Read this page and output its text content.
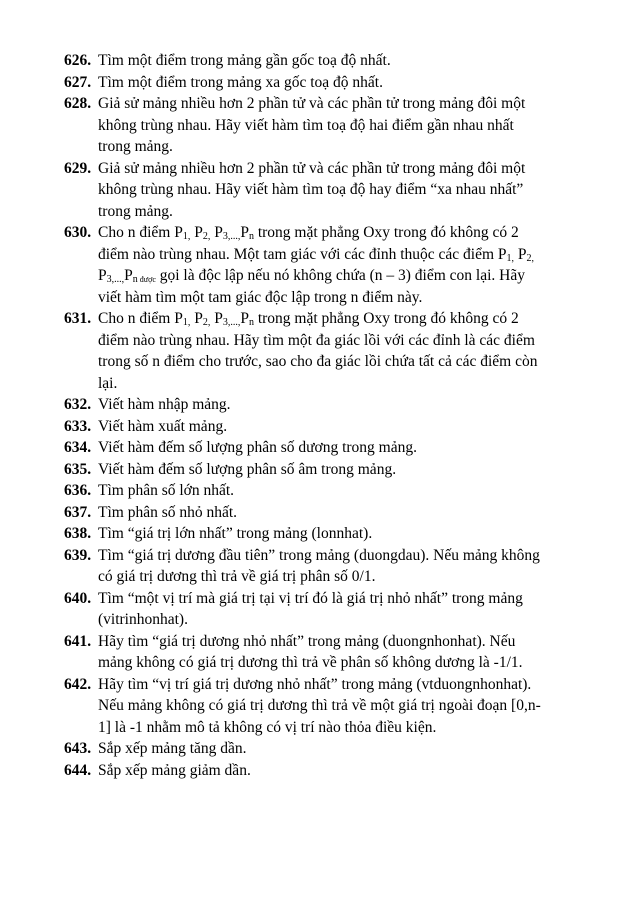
626. Tìm một điểm trong mảng gần gốc toạ độ nhất.
627. Tìm một điểm trong mảng xa gốc toạ độ nhất.
628. Giả sử mảng nhiều hơn 2 phần tử và các phần tử trong mảng đôi một
không trùng nhau. Hãy viết hàm tìm toạ độ hai điểm gần nhau nhất
trong mảng.
629. Giả sử mảng nhiều hơn 2 phần tử và các phần tử trong mảng đôi một
không trùng nhau. Hãy viết hàm tìm toạ độ hay điểm “xa nhau nhất”
trong mảng.
630. Cho n điểm $P_{1,}$ $P_{2,}$ $P_{3,...,}P_n$ trong mặt phẳng Oxy trong đó không có 2
điểm nào trùng nhau. Một tam giác với các đỉnh thuộc các điểm $P_{1,}$ $P_{2,}$
$P_{3,...,}P_n$ $_{được}$ gọi là độc lập nếu nó không chứa (n – 3) điểm con lại. Hãy
viết hàm tìm một tam giác độc lập trong n điểm này.
631. Cho n điểm $P_{1,}$ $P_{2,}$ $P_{3,...,}P_n$ trong mặt phẳng Oxy trong đó không có 2
điểm nào trùng nhau. Hãy tìm một đa giác lồi với các đỉnh là các điểm
trong số n điểm cho trước, sao cho đa giác lồi chứa tất cả các điểm còn
lại.
632. Viết hàm nhập mảng.
633. Viết hàm xuất mảng.
634. Viết hàm đếm số lượng phân số dương trong mảng.
635. Viết hàm đếm số lượng phân số âm trong mảng.
636. Tìm phân số lớn nhất.
637. Tìm phân số nhỏ nhất.
638. Tìm “giá trị lớn nhất” trong mảng (lonnhat).
639. Tìm “giá trị dương đầu tiên” trong mảng (duongdau). Nếu mảng không
có giá trị dương thì trả về giá trị phân số 0/1.
640. Tìm “một vị trí mà giá trị tại vị trí đó là giá trị nhỏ nhất” trong mảng
(vitrinhonhat).
641. Hãy tìm “giá trị dương nhỏ nhất” trong mảng (duongnhonhat). Nếu
mảng không có giá trị dương thì trả về phân số không dương là -1/1.
642. Hãy tìm “vị trí giá trị dương nhỏ nhất” trong mảng (vtduongnhonhat).
Nếu mảng không có giá trị dương thì trả về một giá trị ngoài đoạn [0,n-
1] là -1 nhằm mô tả không có vị trí nào thỏa điều kiện.
643. Sắp xếp mảng tăng dần.
644. Sắp xếp mảng giảm dần.
